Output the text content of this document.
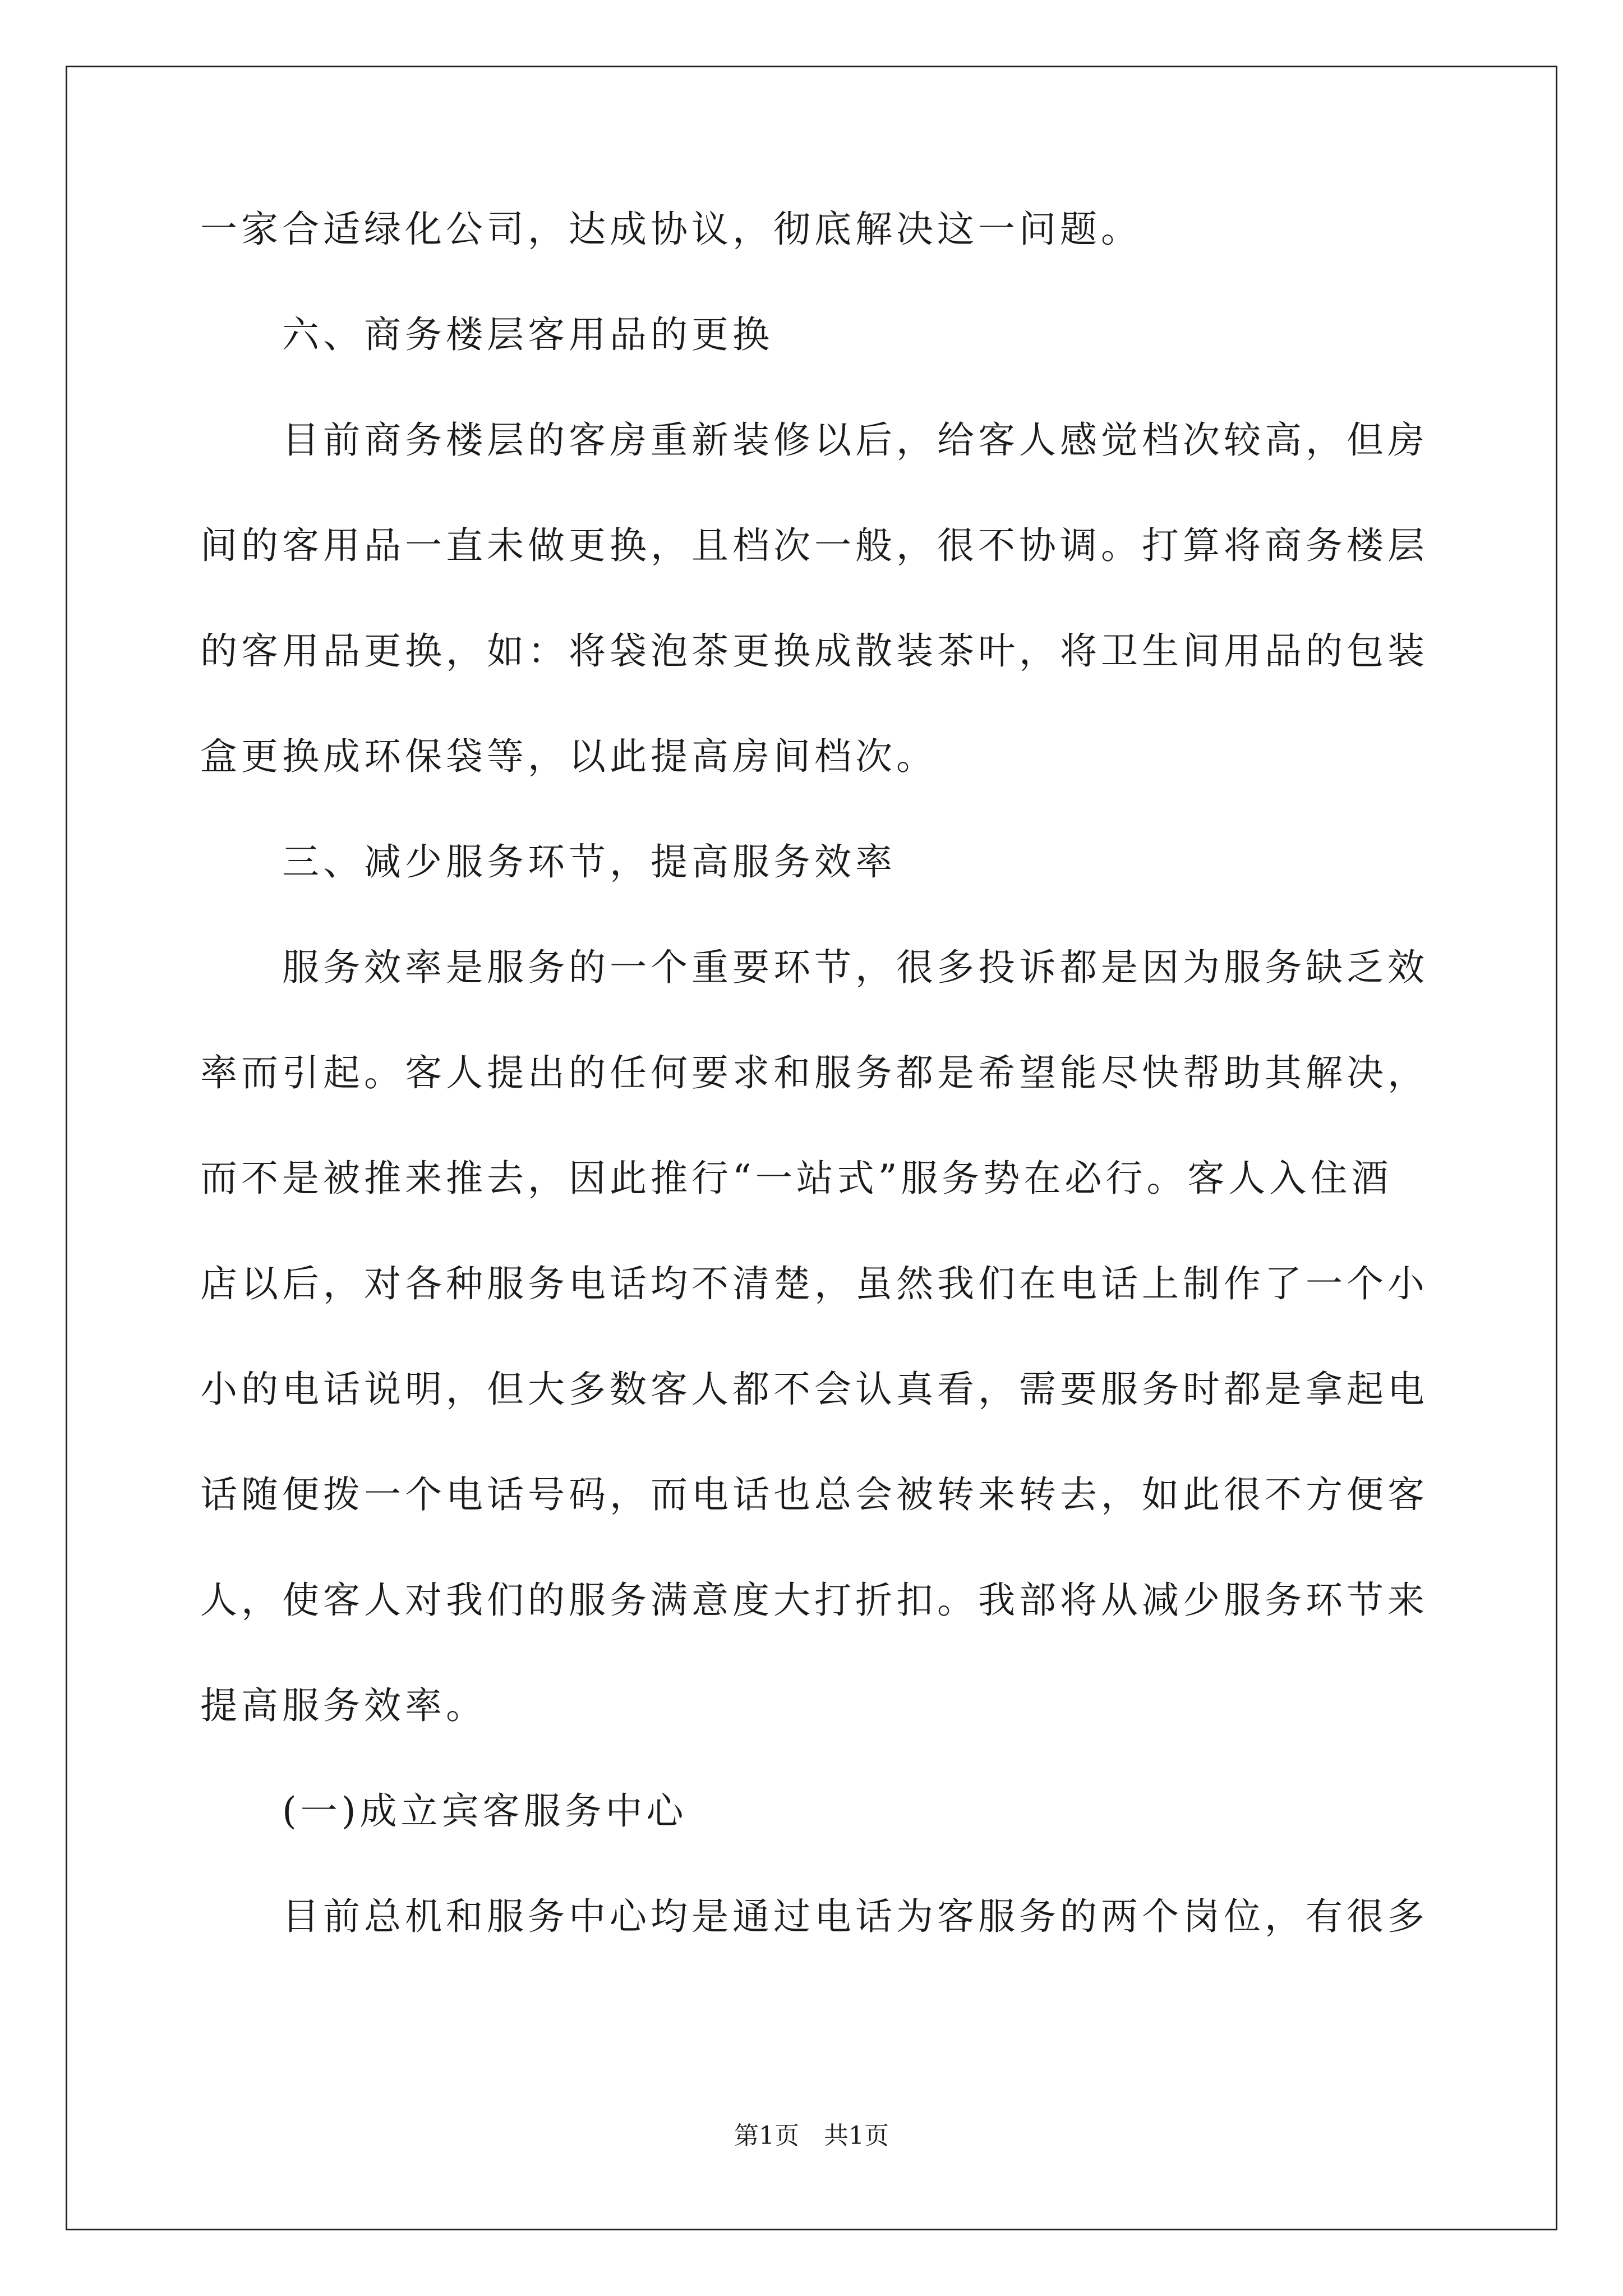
一家合适绿化公司，达成协议，彻底解决这一问题。
　　六、商务楼层客用品的更换
　　目前商务楼层的客房重新装修以后，给客人感觉档次较高，但房
间的客用品一直未做更换，且档次一般，很不协调。打算将商务楼层
的客用品更换，如：将袋泡茶更换成散装茶叶，将卫生间用品的包装
盒更换成环保袋等，以此提高房间档次。
　　三、减少服务环节，提高服务效率
　　服务效率是服务的一个重要环节，很多投诉都是因为服务缺乏效
率而引起。客人提出的任何要求和服务都是希望能尽快帮助其解决，
而不是被推来推去，因此推行“一站式”服务势在必行。客人入住酒
店以后，对各种服务电话均不清楚，虽然我们在电话上制作了一个小
小的电话说明，但大多数客人都不会认真看，需要服务时都是拿起电
话随便拨一个电话号码，而电话也总会被转来转去，如此很不方便客
人，使客人对我们的服务满意度大打折扣。我部将从减少服务环节来
提高服务效率。
　　(一)成立宾客服务中心
　　目前总机和服务中心均是通过电话为客服务的两个岗位，有很多
第1页　共1页
